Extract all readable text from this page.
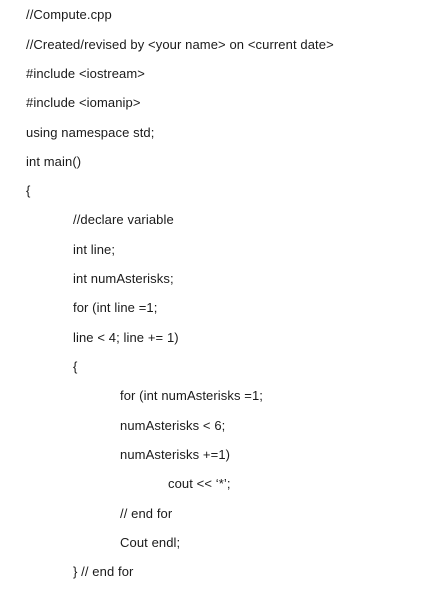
//Compute.cpp
//Created/revised by <your name> on <current date>
#include <iostream>
#include <iomanip>
using namespace std;
int main()
{
//declare variable
int line;
int numAsterisks;
for (int line =1;
line < 4; line += 1)
{
for (int numAsterisks =1;
numAsterisks < 6;
numAsterisks +=1)
cout << ‘*’;
// end for
Cout endl;
} // end for
